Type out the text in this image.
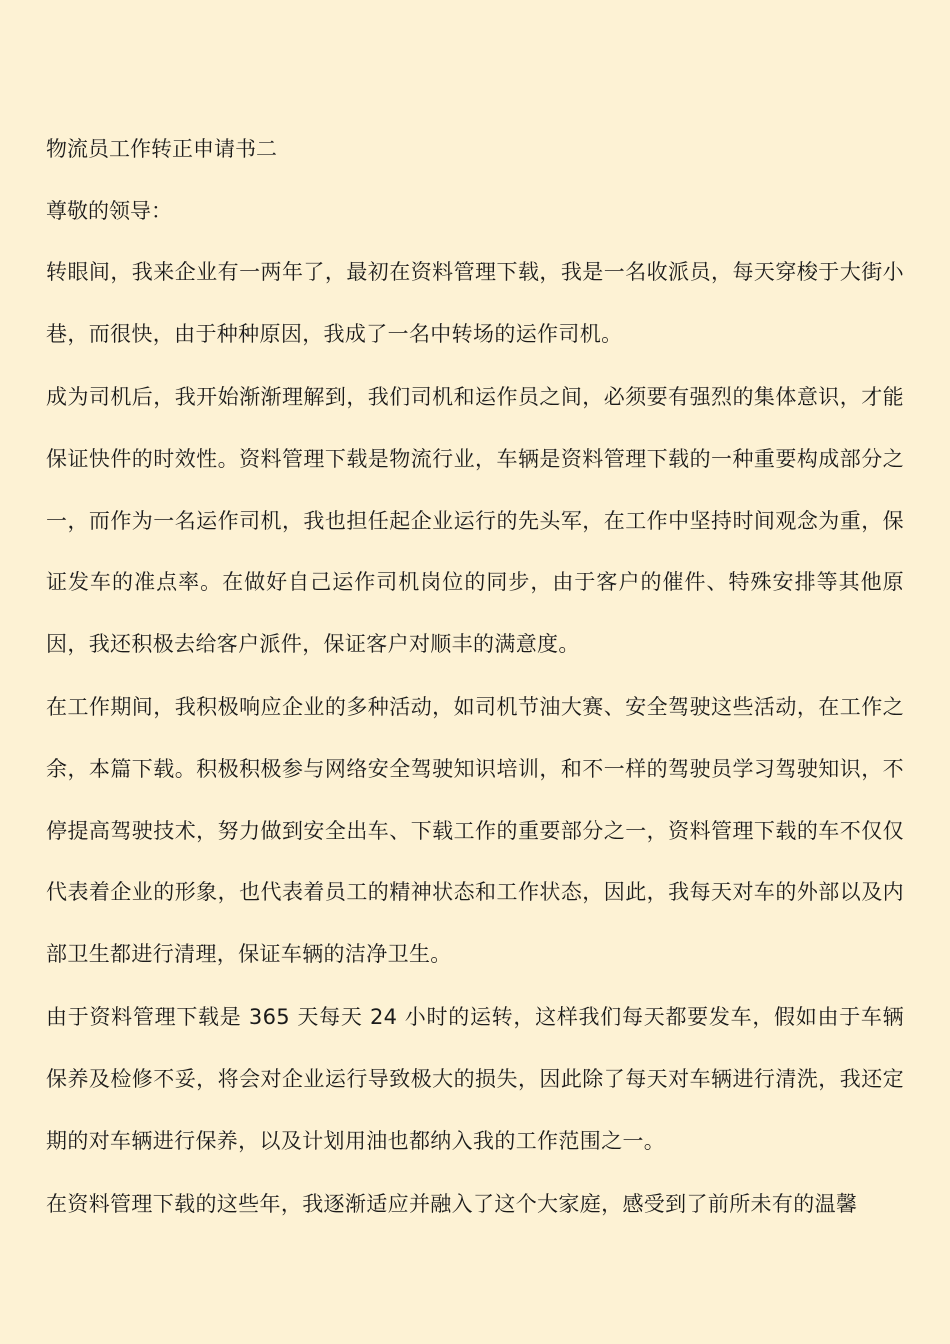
物流员工作转正申请书二

尊敬的领导：

转眼间，我来企业有一两年了，最初在资料管理下载，我是一名收派员，每天穿梭于大街小巷，而很快，由于种种原因，我成了一名中转场的运作司机。

成为司机后，我开始渐渐理解到，我们司机和运作员之间，必须要有强烈的集体意识，才能保证快件的时效性。资料管理下载是物流行业，车辆是资料管理下载的一种重要构成部分之一，而作为一名运作司机，我也担任起企业运行的先头军，在工作中坚持时间观念为重，保证发车的准点率。在做好自己运作司机岗位的同步，由于客户的催件、特殊安排等其他原因，我还积极去给客户派件，保证客户对顺丰的满意度。

在工作期间，我积极响应企业的多种活动，如司机节油大赛、安全驾驶这些活动，在工作之余，本篇下载。积极积极参与网络安全驾驶知识培训，和不一样的驾驶员学习驾驶知识，不停提高驾驶技术，努力做到安全出车、下载工作的重要部分之一，资料管理下载的车不仅仅代表着企业的形象，也代表着员工的精神状态和工作状态，因此，我每天对车的外部以及内部卫生都进行清理，保证车辆的洁净卫生。

由于资料管理下载是 365 天每天 24 小时的运转，这样我们每天都要发车，假如由于车辆保养及检修不妥，将会对企业运行导致极大的损失，因此除了每天对车辆进行清洗，我还定期的对车辆进行保养，以及计划用油也都纳入我的工作范围之一。

在资料管理下载的这些年，我逐渐适应并融入了这个大家庭，感受到了前所未有的温馨
